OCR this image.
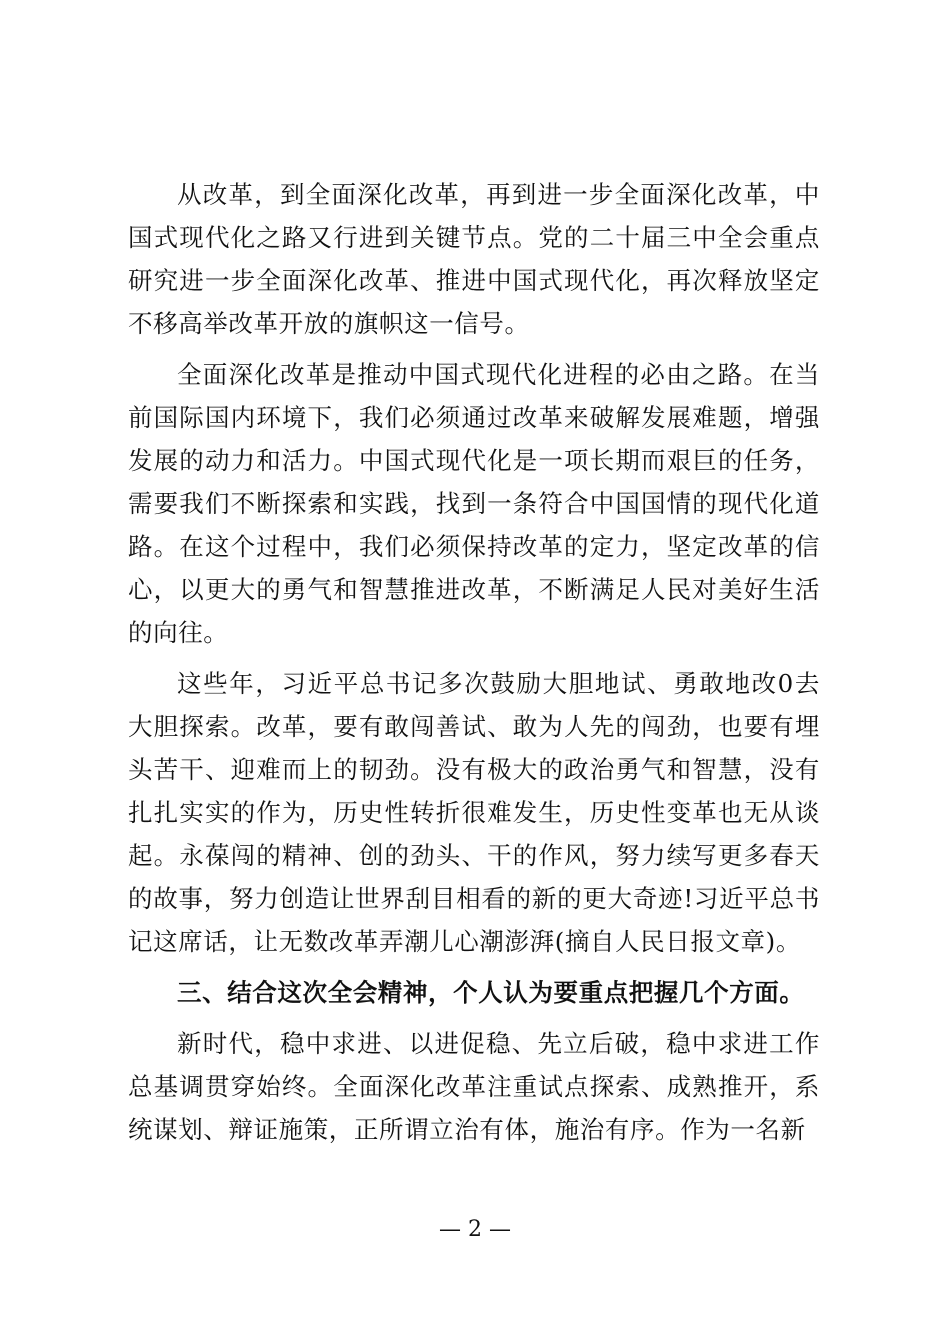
从改革，到全面深化改革，再到进一步全面深化改革，中国式现代化之路又行进到关键节点。党的二十届三中全会重点研究进一步全面深化改革、推进中国式现代化，再次释放坚定不移高举改革开放的旗帜这一信号。

全面深化改革是推动中国式现代化进程的必由之路。在当前国际国内环境下，我们必须通过改革来破解发展难题，增强发展的动力和活力。中国式现代化是一项长期而艰巨的任务，需要我们不断探索和实践，找到一条符合中国国情的现代化道路。在这个过程中，我们必须保持改革的定力，坚定改革的信心，以更大的勇气和智慧推进改革，不断满足人民对美好生活的向往。

这些年，习近平总书记多次鼓励大胆地试、勇敢地改0去大胆探索。改革，要有敢闯善试、敢为人先的闯劲，也要有埋头苦干、迎难而上的韧劲。没有极大的政治勇气和智慧，没有扎扎实实的作为，历史性转折很难发生，历史性变革也无从谈起。永葆闯的精神、创的劲头、干的作风，努力续写更多春天的故事，努力创造让世界刮目相看的新的更大奇迹!习近平总书记这席话，让无数改革弄潮儿心潮澎湃(摘自人民日报文章)。

三、结合这次全会精神，个人认为要重点把握几个方面。

新时代，稳中求进、以进促稳、先立后破，稳中求进工作总基调贯穿始终。全面深化改革注重试点探索、成熟推开，系统谋划、辩证施策，正所谓立治有体，施治有序。作为一名新

— 2 —
